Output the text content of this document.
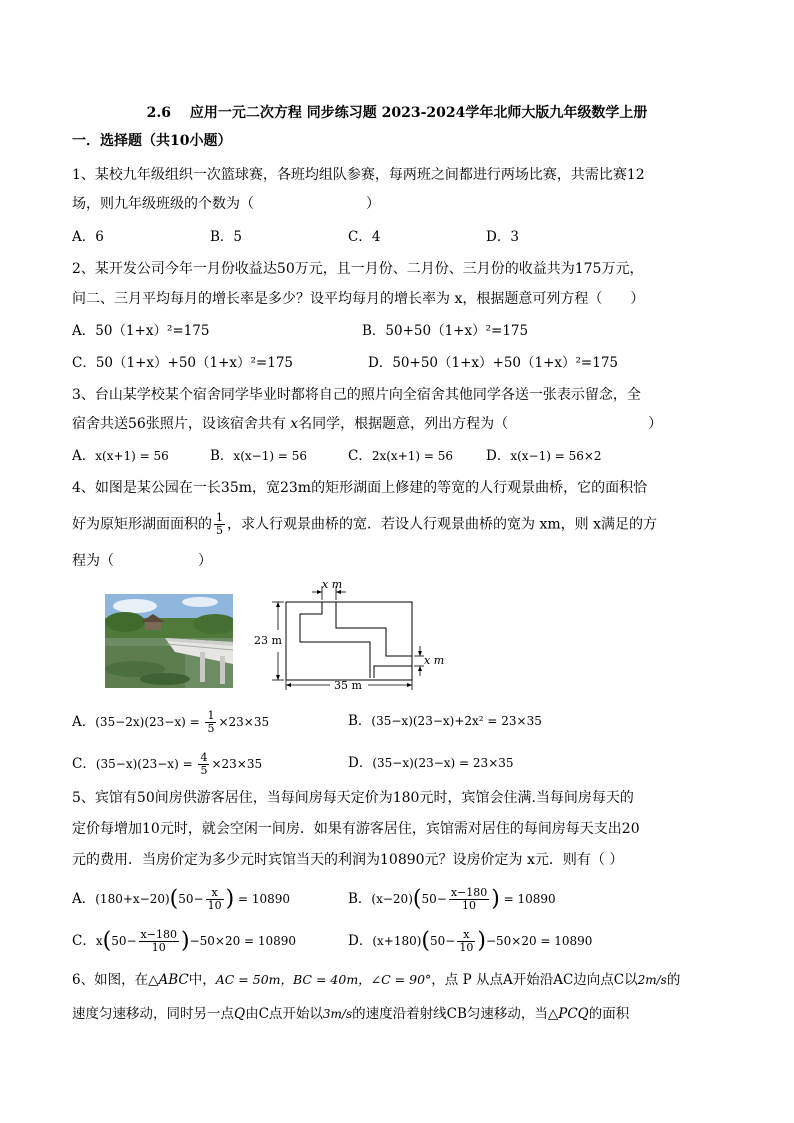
2.6　 应用一元二次方程 同步练习题 2023-2024学年北师大版九年级数学上册
一．选择题（共10小题）
1、某校九年级组织一次篮球赛，各班均组队参赛，每两班之间都进行两场比赛，共需比赛12
场，则九年级班级的个数为（　　　　　　　　）
A．6	B．5	C．4	D．3
2、某开发公司今年一月份收益达50万元，且一月份、二月份、三月份的收益共为175万元，
问二、三月平均每月的增长率是多少？设平均每月的增长率为 x，根据题意可列方程（　　）
A．50（1+x）²=175	B．50+50（1+x）²=175
C．50（1+x）+50（1+x）²=175	D．50+50（1+x）+50（1+x）²=175
3、台山某学校某个宿舍同学毕业时都将自己的照片向全宿舍其他同学各送一张表示留念，全
宿舍共送56张照片，设该宿舍共有 x名同学，根据题意，列出方程为（　　　　　　　　　　）
A．x(x+1) = 56	B．x(x−1) = 56	C．2x(x+1) = 56 D．x(x−1) = 56×2
4、如图是某公园在一长35m，宽23m的矩形湖面上修建的等宽的人行观景曲桥，它的面积恰
好为原矩形湖面面积的 $\frac{1}{5}$ ，求人行观景曲桥的宽．若设人行观景曲桥的宽为 xm，则 x满足的方
程为（　　　　　　）
x m
23 m
x m
35 m
A．$(35-2x)(23-x) = \frac{1}{5} \times 23\times 35$	B．(35−x)(23−x)+2x² = 23×35
C．$(35-x)(23-x) = \frac{4}{5} \times 23\times 35$	D．(35−x)(23−x) = 23×35
5、宾馆有50间房供游客居住，当每间房每天定价为180元时，宾馆会住满.当每间房每天的
定价每增加10元时，就会空闲一间房．如果有游客居住，宾馆需对居住的每间房每天支出20
元的费用．当房价定为多少元时宾馆当天的利润为10890元？设房价定为 x元．则有（ ）
A．$(180+x-20)(50- \frac{x}{10}$ ) = 10890	B．$(x-20)(50- \frac{x-180}{10}$ ) = 10890
C．$x(50- \frac{x-180}{10} )-50\times 20 = 10890$	D．$(x+180)(50- \frac{x}{10} )-50\times 20 = 10890$
6、如图，在△ABC中，AC = 50m，BC = 40m，∠C = 90°，点 P 从点A开始沿AC边向点C以2m/s的
速度匀速移动，同时另一点Q由C点开始以3m/s的速度沿着射线CB匀速移动，当△PCQ的面积
